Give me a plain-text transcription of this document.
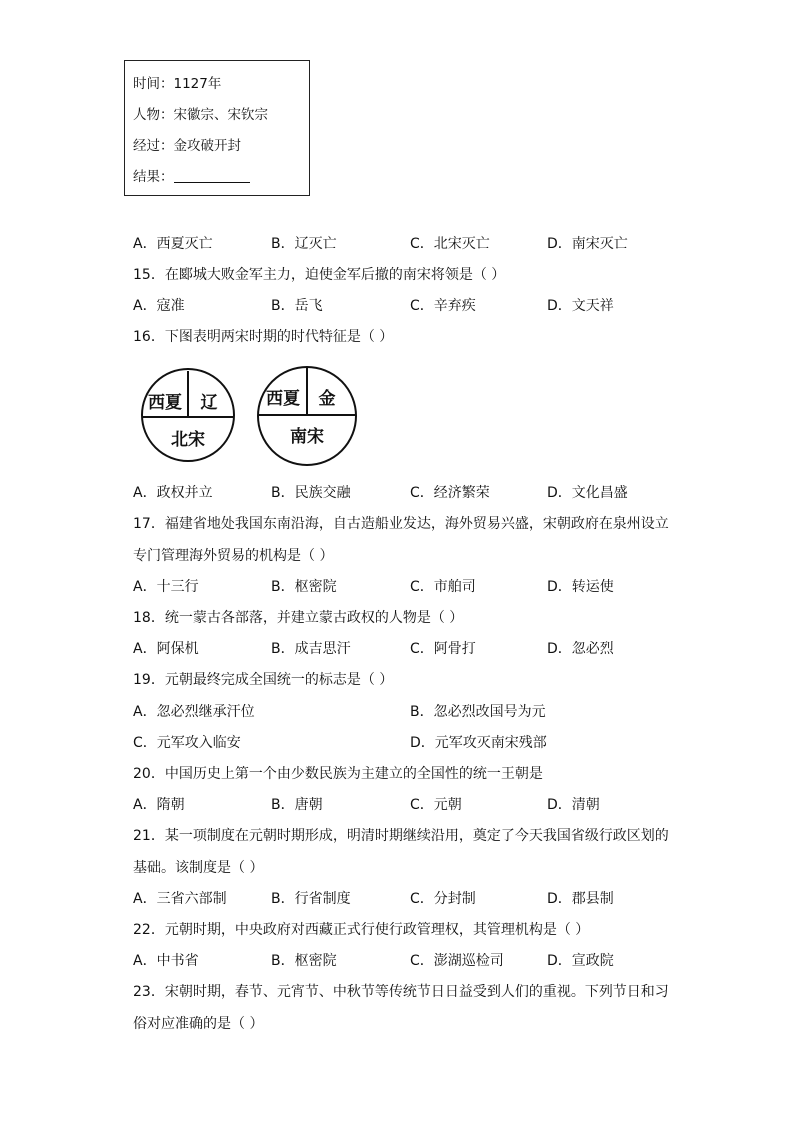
时间：1127年
人物：宋徽宗、宋钦宗
经过：金攻破开封
结果：
A．西夏灭亡	B．辽灭亡	C．北宋灭亡	D．南宋灭亡
15．在郾城大败金军主力，迫使金军后撤的南宋将领是（ ）
A．寇准	B．岳飞	C．辛弃疾	D．文天祥
16．下图表明两宋时期的时代特征是（ ）
西夏 辽
北宋
西夏 金
南宋
A．政权并立	B．民族交融	C．经济繁荣	D．文化昌盛
17．福建省地处我国东南沿海，自古造船业发达，海外贸易兴盛，宋朝政府在泉州设立
专门管理海外贸易的机构是（ ）
A．十三行	B．枢密院	C．市舶司	D．转运使
18．统一蒙古各部落，并建立蒙古政权的人物是（ ）
A．阿保机	B．成吉思汗	C．阿骨打	D．忽必烈
19．元朝最终完成全国统一的标志是（ ）
A．忽必烈继承汗位	B．忽必烈改国号为元
C．元军攻入临安	D．元军攻灭南宋残部
20．中国历史上第一个由少数民族为主建立的全国性的统一王朝是
A．隋朝	B．唐朝	C．元朝	D．清朝
21．某一项制度在元朝时期形成，明清时期继续沿用，奠定了今天我国省级行政区划的
基础。该制度是（ ）
A．三省六部制	B．行省制度	C．分封制	D．郡县制
22．元朝时期，中央政府对西藏正式行使行政管理权，其管理机构是（ ）
A．中书省	B．枢密院	C．澎湖巡检司	D．宣政院
23．宋朝时期，春节、元宵节、中秋节等传统节日日益受到人们的重视。下列节日和习
俗对应准确的是（ ）
